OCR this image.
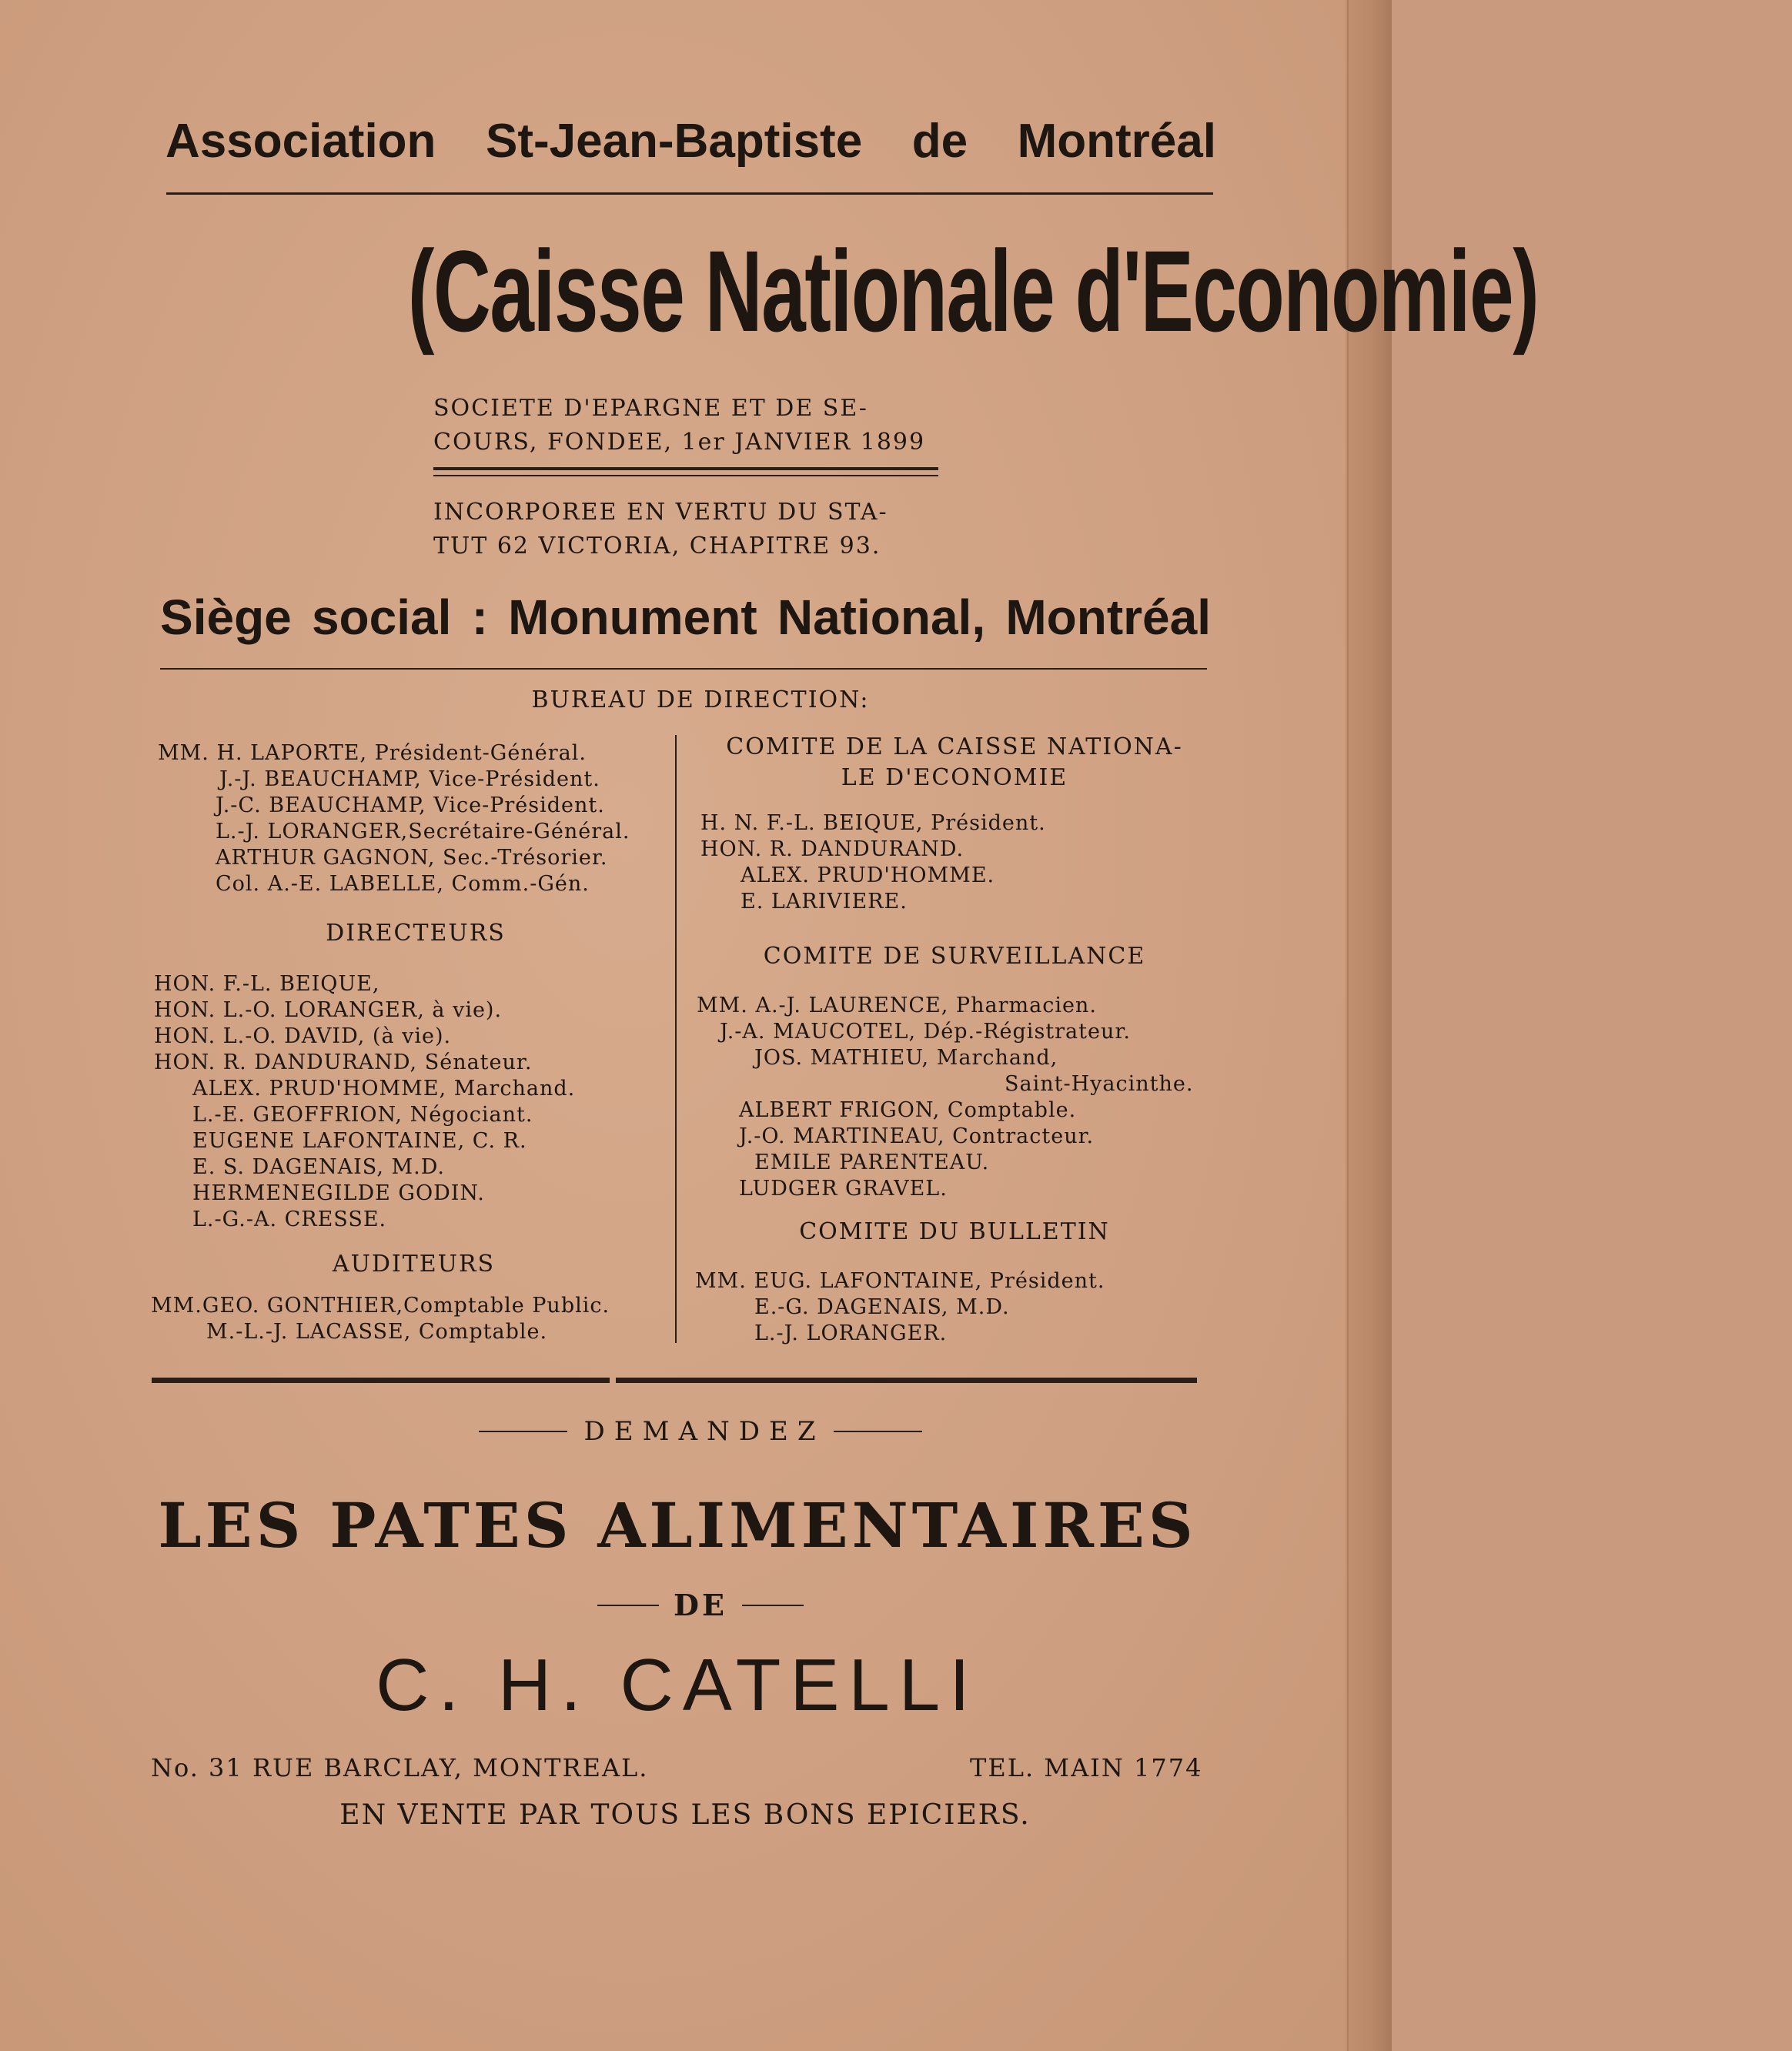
Association St-Jean-Baptiste de Montréal
(Caisse Nationale d'Economie)
SOCIETE D'EPARGNE ET DE SE-
COURS, FONDEE, 1er JANVIER 1899
INCORPOREE EN VERTU DU STA-
TUT 62 VICTORIA, CHAPITRE 93.
Siège social : Monument National, Montréal
BUREAU DE DIRECTION:
MM. H. LAPORTE, Président-Général.
J.-J. BEAUCHAMP, Vice-Président.
J.-C. BEAUCHAMP, Vice-Président.
L.-J. LORANGER,Secrétaire-Général.
ARTHUR GAGNON, Sec.-Trésorier.
Col. A.-E. LABELLE, Comm.-Gén.
DIRECTEURS
HON. F.-L. BEIQUE,
HON. L.-O. LORANGER, à vie).
HON. L.-O. DAVID, (à vie).
HON. R. DANDURAND, Sénateur.
ALEX. PRUD'HOMME, Marchand.
L.-E. GEOFFRION, Négociant.
EUGENE LAFONTAINE, C. R.
E. S. DAGENAIS, M.D.
HERMENEGILDE GODIN.
L.-G.-A. CRESSE.
AUDITEURS
MM.GEO. GONTHIER,Comptable Public.
M.-L.-J. LACASSE, Comptable.
COMITE DE LA CAISSE NATIONA-
LE D'ECONOMIE
H. N. F.-L. BEIQUE, Président.
HON. R. DANDURAND.
ALEX. PRUD'HOMME.
E. LARIVIERE.
COMITE DE SURVEILLANCE
MM. A.-J. LAURENCE, Pharmacien.
J.-A. MAUCOTEL, Dép.-Régistrateur.
JOS. MATHIEU, Marchand,
Saint-Hyacinthe.
ALBERT FRIGON, Comptable.
J.-O. MARTINEAU, Contracteur.
EMILE PARENTEAU.
LUDGER GRAVEL.
COMITE DU BULLETIN
MM. EUG. LAFONTAINE, Président.
E.-G. DAGENAIS, M.D.
L.-J. LORANGER.
DEMANDEZ
LES PATES ALIMENTAIRES
DE
C. H. CATELLI
No. 31 RUE BARCLAY, MONTREAL.	TEL. MAIN 1774
EN VENTE PAR TOUS LES BONS EPICIERS.
